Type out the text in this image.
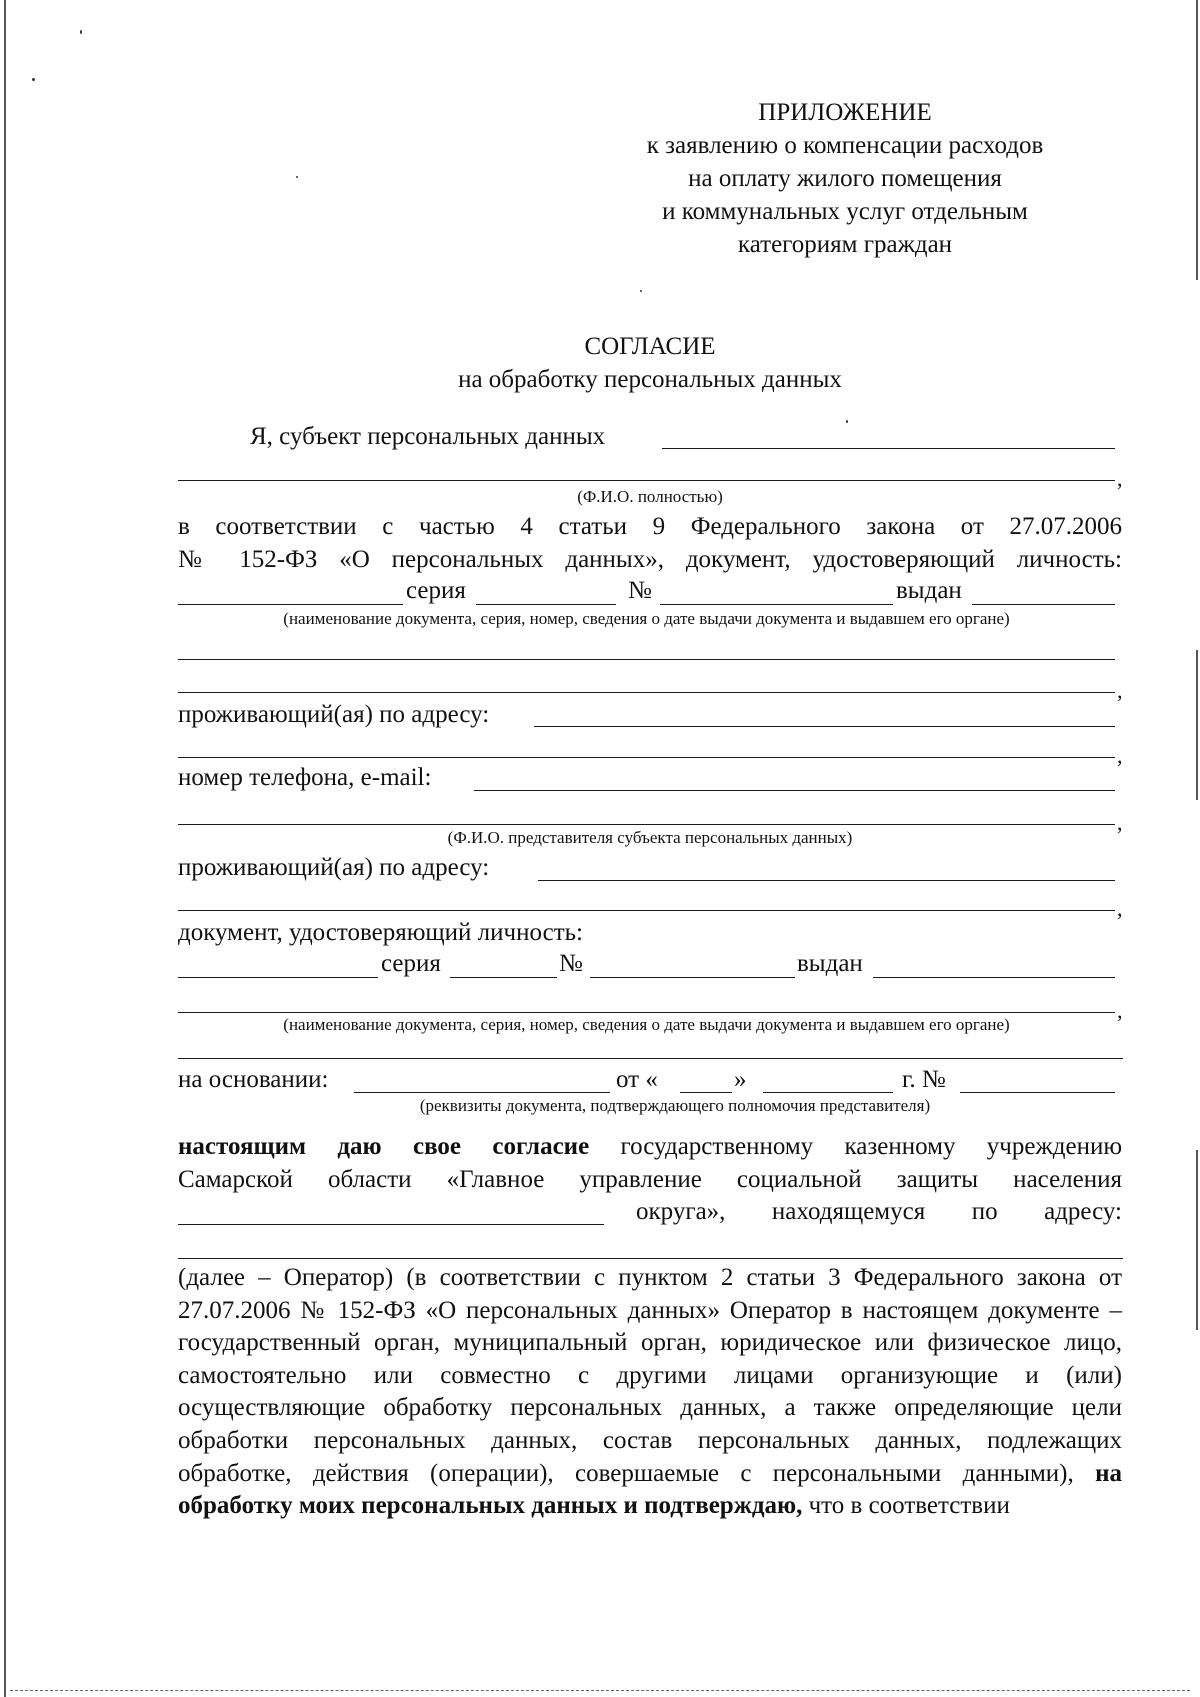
ПРИЛОЖЕНИЕ
к заявлению о компенсации расходов
на оплату жилого помещения
и коммунальных услуг отдельным
категориям граждан
СОГЛАСИЕ
на обработку персональных данных
Я, субъект персональных данных
,
(Ф.И.О. полностью)

в соответствии с частью 4 статьи 9 Федерального закона от 27.07.2006

№ 152-ФЗ «О персональных данных», документ, удостоверяющий личность:

серия	№	выдан
(наименование документа, серия, номер, сведения о дате выдачи документа и выдавшем его органе)
,
проживающий(ая) по адресу:
,
номер телефона, e-mail:
,
(Ф.И.О. представителя субъекта персональных данных)
проживающий(ая) по адресу:
,
документ, удостоверяющий личность:
серия	№	выдан
,
(наименование документа, серия, номер, сведения о дате выдачи документа и выдавшем его органе)
на основании:	от «	»	г. №
(реквизиты документа, подтверждающего полномочия представителя)

настоящим даю свое согласие государственному казенному учреждению

Самарской области «Главное управление социальной защиты населения

округа», находящемуся по адресу:

(далее – Оператор) (в соответствии с пунктом 2 статьи 3 Федерального закона от 27.07.2006 № 152-ФЗ «О персональных данных» Оператор в настоящем документе – государственный орган, муниципальный орган, юридическое или физическое лицо, самостоятельно или совместно с другими лицами организующие и (или) осуществляющие обработку персональных данных, а также определяющие цели обработки персональных данных, состав персональных данных, подлежащих обработке, действия (операции), совершаемые с персональными данными), на обработку моих персональных данных и подтверждаю, что в соответствии
